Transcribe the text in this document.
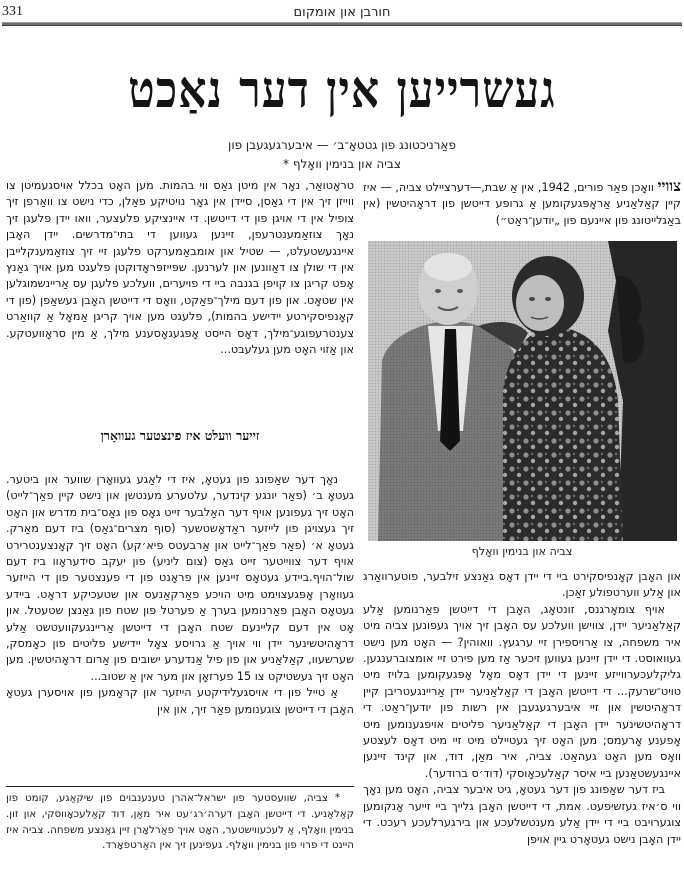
331	חורבן און אומקום
געשרייען אין דער נאַכט
פאַרניכטונג פון גטטאָ־ב׳ — איבערגעגעבן פון
צביה און בנימין וואָלף *

צוויי וואָכן פאַר פורים, 1942, אין אַ שבת,—דערציילט צביה, — איז קיין קאַלאַניע אַראָפּגעקומען אַ גרופּע דייטשן פון דראָהיטשין (אין באַגלייטונג פון איינעם פון „יודען־ראַט״)

צביה און בנימין וואָלף

און האָבן קאָנפיסקירט ביי די יידן דאָס גאַנצע זילבער, פוטערוואַרג און אַלע ווערטפולע זאַכן.

אויף צומאָרגנס, זונטאָג, האָבן די דייטשן פאַרנומען אַלע קאַלאַניער יידן, צווישן וועלכע עס האָבן זיך אויך געפונען צביה מיט איר משפחה, צו אַרויספירן זיי ערגעץ. וואוהין? — האָט מען נישט געוואוסט. די יידן זיינען געווען זיכער אַז מען פירט זיי אומצוברענגען. גליקלעכערווייזע זיינען די יידן דאָס מאָל אָפּגעקומען בלויז מיט טויט־שרעק... די דייטשן האָבן די קאַלאַניער יידן אַריינגעטריבן קיין דראָהיטשין און זיי איבערגעגעבן אין רשות פון יודען־ראַט. די דראָהיטשינער יידן האָבן די קאַלאַניער פליטים אויפגענומען מיט אָפענע אָרעמס; מען האָט זיך געטיילט מיט זיי מיט דאָס לעצטע וואָס מען האָט געהאַט. צביה, איר מאַן, דוד, און קינד זיינען איינגעשטאַנען ביי איסר קאַלעכאָוסקי (דוד׳ס ברודער).

ביז דער שאַפונג פון דער געטאָ, גיט איבער צביה, האָט מען נאָך ווי ס׳איז געזשיפעט. אמת, די דייטשן האָבן גלייך ביי זייער אָנקומען צוגערויבט ביי די יידן אַלע מענטשלעכע און בירגערלעכע רעכט. די יידן האָבן נישט געטאָרט גיין אויפן

טראָטואַר, נאָר אין מיטן גאַס ווי בהמות. מען האָט בכלל אויסגעמיטן צו ווייזן זיך אין די גאַסן, סיידן אין גאָר נויטיקע פאַלן, כדי נישט צו וואַרפן זיך צופיל אין די אויגן פון די דייטשן. די איינציקע פלעצער, וואו יידן פלעגן זיך נאָך צוזאַמענטרעפן, זיינען געווען די בתי־מדרשים. יידן האָבן איינגעשטעלט, — שטיל און אומבאַמערקט פלעגן זיי זיך צוזאַמענקלייבן אין די שולן צו דאַוונען און לערנען. שפּייזפּראָדוקטן פלעגט מען אויך גאַנץ אָפט קריגן צו קויפן בגנבה ביי די פויערים, וועלכע פלעגן עס אַריינשמוגלען אין שטאָט. און פון דעם מילך־פּאַקט, וואָס די דייטשן האָבן געשאַפן (פון די קאָנפיסקירטע יידישע בהמות), פלעגט מען אויך קריגן אַמאָל אַ קוואַרט צענטרעפוגע־מילך, דאָס הייסט אָפּגעגאָסענע מילך, אַ מין סראָוועטקע. און אַזוי האָט מען געלעבט...

זייער וועלט איז פינצטער געוואָרן

נאָך דער שאַפונג פון געטאָ, איז די לאַגע געוואָרן שווער און ביטער. געטאָ ב׳ (פאַר יונגע קינדער, עלטערע מענטשן און נישט קיין פאַך־לייט) האָט זיך געפונען אויף דער האַלבער זייט גאָס פון גאַס־בית מדרש און האָט זיך געצויגן פון לייזער ראַדאָשטשער (סוף מצרים־גאַס) ביז דעם מאַרק. געטאָ א׳ (פאַר פאַך־לייט און אַרבעטס פיא׳קע) האָט זיך קאָנצענטרירט אויף דער צווייטער זייט גאַס (צום ליניע) פון יעקב סידעראָוו ביז דעם שול־הויף.ביידע געטאָס זיינען אין פראָנט פון די פענצטער פון די הייזער געוואָרן אָפּגעצוימט מיט הויכע פאַרקאַנעס און שטעכיקע דראָט. ביידע געטאָס האָבן פאַרנומען בערך אַ פערטל פון שטח פון גאַנצן שטעטל. און אָט אין דעם קליינעם שטח האָבן די דייטשן אַריינגעקוועטשט אַלע דראָהיטשינער יידן ווי אויך אַ גרויסע צאָל יידישע פליטים פון כאָמסק, שערשעוו, קאַלאַניע און פון פיל אַנדערע ישובים פון אַרום דראָהיטשין. מען האָט זיך געשטיקט צו 15 פערזאָן און מער אין אַ שטוב...

אַ טייל פון די אויסגעלידיקטע הייזער און קראָמען פון אויסערן געטאָ האָבן די דייטשן צוגענומען פאַר זיך, און אין

* צביה, שוועסטער פון ישראל־אהרן טענענבוים פון שיקאַגע, קומט פון קאַלאַניע. די דייטשן האָבן דערה׳רג׳עט איר מאַן, דוד קאַלעכאָווסקי, און זון. בנימין וואָלף, אַ לעכעווישטער, האָט אויך פאַרלאָרן זיין גאַנצע משפחה. צביה איז היינט די פרוי פון בנימין וואָלף. געפינען זיך אין האַרטפאָרד.
